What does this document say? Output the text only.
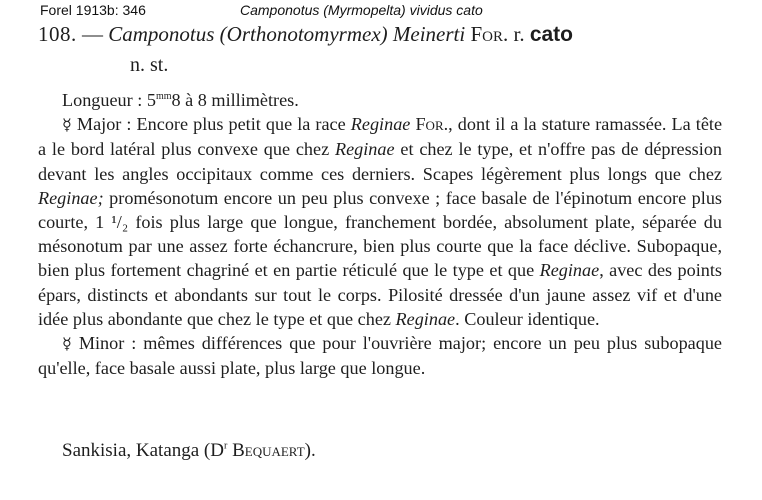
Forel 1913b: 346	Camponotus (Myrmopelta) vividus cato
108. — Camponotus (Orthonotomyrmex) Meinerti For. r. cato
n. st.

Longueur : $5^{mm}8$ à 8 millimètres.

☿ Major : Encore plus petit que la race Reginae For., dont il a la stature ramassée. La tête a le bord latéral plus convexe que chez Reginae et chez le type, et n'offre pas de dépression devant les angles occipitaux comme ces derniers. Scapes légèrement plus longs que chez Reginae; promésonotum encore un peu plus convexe ; face basale de l'épinotum encore plus courte, 1 ¹/₂ fois plus large que longue, franchement bordée, absolument plate, séparée du mésonotum par une assez forte échancrure, bien plus courte que la face déclive. Subopaque, bien plus fortement chagriné et en partie réticulé que le type et que Reginae, avec des points épars, distincts et abondants sur tout le corps. Pilosité dressée d'un jaune assez vif et d'une idée plus abondante que chez le type et que chez Reginae. Couleur identique.

☿ Minor : mêmes différences que pour l'ouvrière major; encore un peu plus subopaque qu'elle, face basale aussi plate, plus large que longue.

Sankisia, Katanga ($D^r$ Bequaert).
